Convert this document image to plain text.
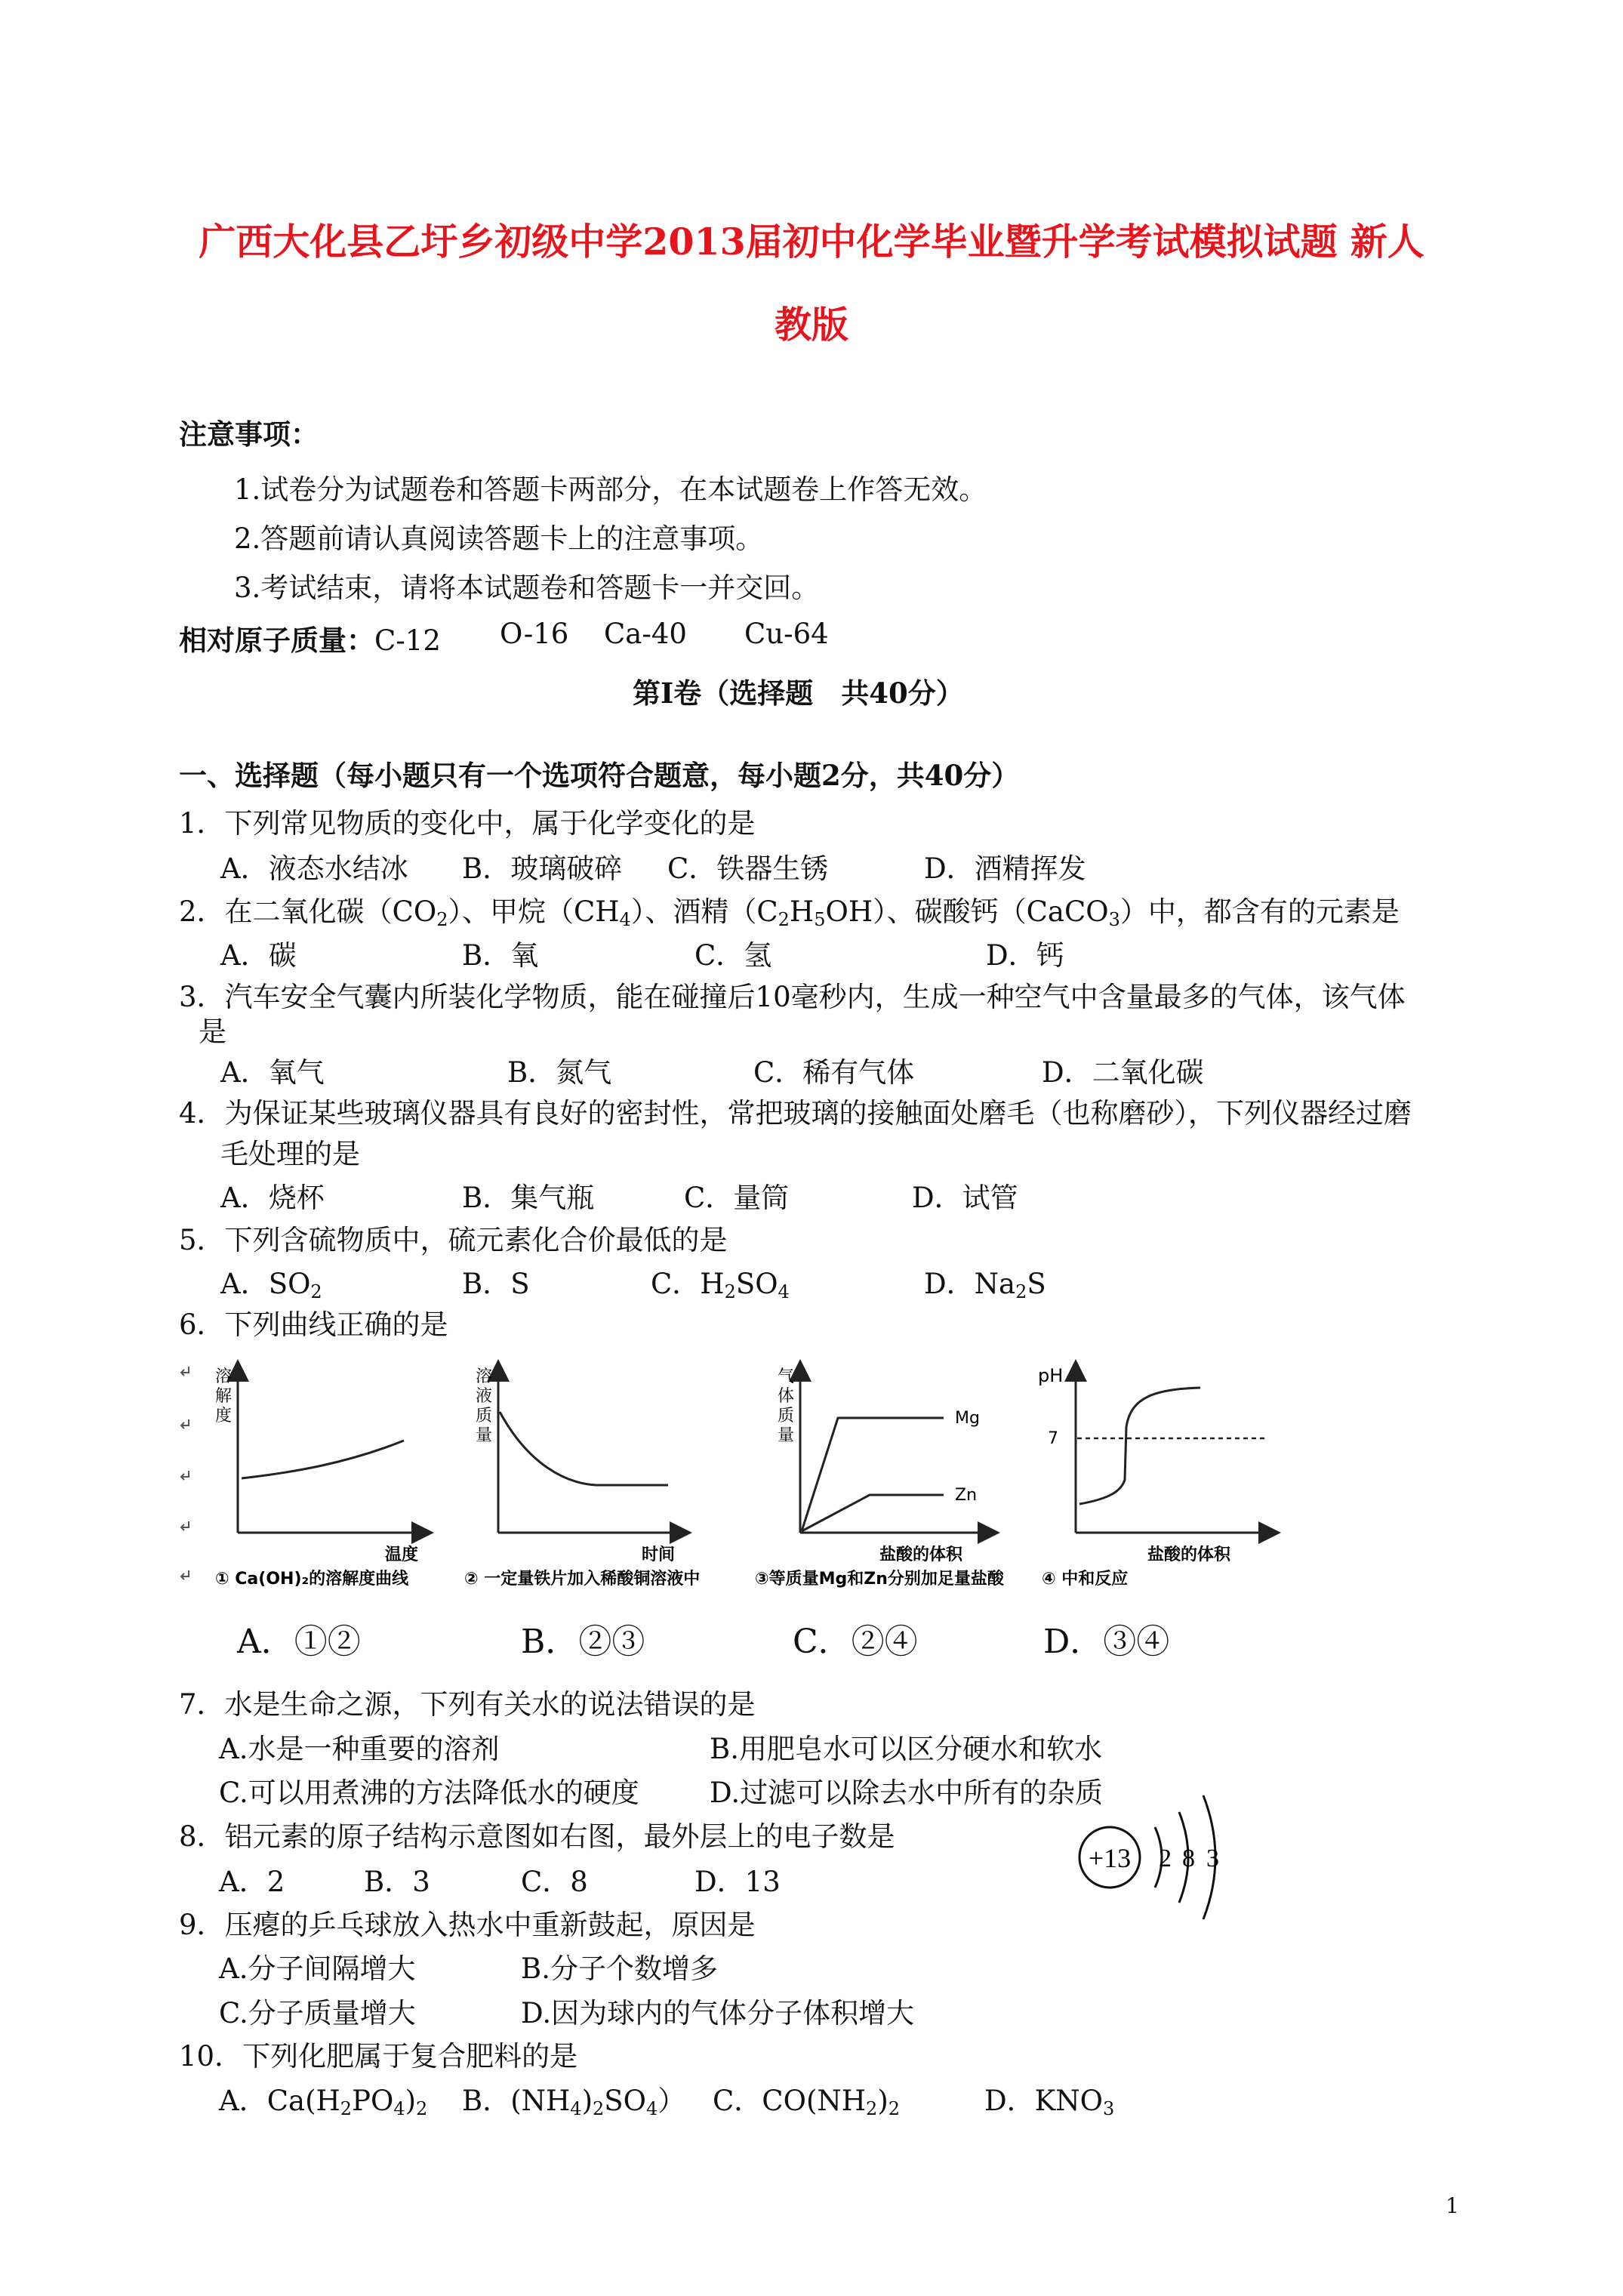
广西大化县乙圩乡初级中学2013届初中化学毕业暨升学考试模拟试题 新人
教版
注意事项：
1.试卷分为试题卷和答题卡两部分，在本试题卷上作答无效。
2.答题前请认真阅读答题卡上的注意事项。
3.考试结束，请将本试题卷和答题卡一并交回。
相对原子质量：C-12 O-16 Ca-40 Cu-64
第Ⅰ卷（选择题　共40分）
一、选择题（每小题只有一个选项符合题意，每小题2分，共40分）
1．下列常见物质的变化中，属于化学变化的是
A．液态水结冰 B．玻璃破碎 C．铁器生锈	D．酒精挥发
2．在二氧化碳$(CO_2)$、甲烷$(CH_4)$、酒精$(C_2H_5OH)$、碳酸钙（CaCO$_3$）中，都含有的元素是
A．碳	B．氧	C．氢	D．钙
3．汽车安全气囊内所装化学物质，能在碰撞后10毫秒内，生成一种空气中含量最多的气体，该气体
是
A．氧气	B．氮气	C．稀有气体	D．二氧化碳
4．为保证某些玻璃仪器具有良好的密封性，常把玻璃的接触面处磨毛（也称磨砂），下列仪器经过磨
毛处理的是
A．烧杯	B．集气瓶	C．量筒	D．试管
5．下列含硫物质中，硫元素化合价最低的是
A．$SO_2$	B．S	C．$H_2SO_4$	D．$Na_2S$
6．下列曲线正确的是
溶
解
度
温度
① Ca(OH)₂的溶解度曲线
溶
液
质
量
时间
② 一定量铁片加入稀酸铜溶液中
气
体
质
量
Mg
Zn
盐酸的体积
③等质量Mg和Zn分别加足量盐酸
pH
7
盐酸的体积
④ 中和反应
A．①②	B．②③	C．②④	D．③④
7．水是生命之源，下列有关水的说法错误的是
A.水是一种重要的溶剂	B.用肥皂水可以区分硬水和软水
C.可以用煮沸的方法降低水的硬度	D.过滤可以除去水中所有的杂质
8．铝元素的原子结构示意图如右图，最外层上的电子数是
A．2	B．3	C．8	D．13
+13 2 8 3
9．压瘪的乒乓球放入热水中重新鼓起，原因是
A.分子间隔增大	B.分子个数增多
C.分子质量增大	D.因为球内的气体分子体积增大
10．下列化肥属于复合肥料的是
A．$Ca(H_2PO_4)_2$ B．$(NH_4)_2SO_4$） C．$CO(NH_2)_2$	D．$KNO_3$
1
